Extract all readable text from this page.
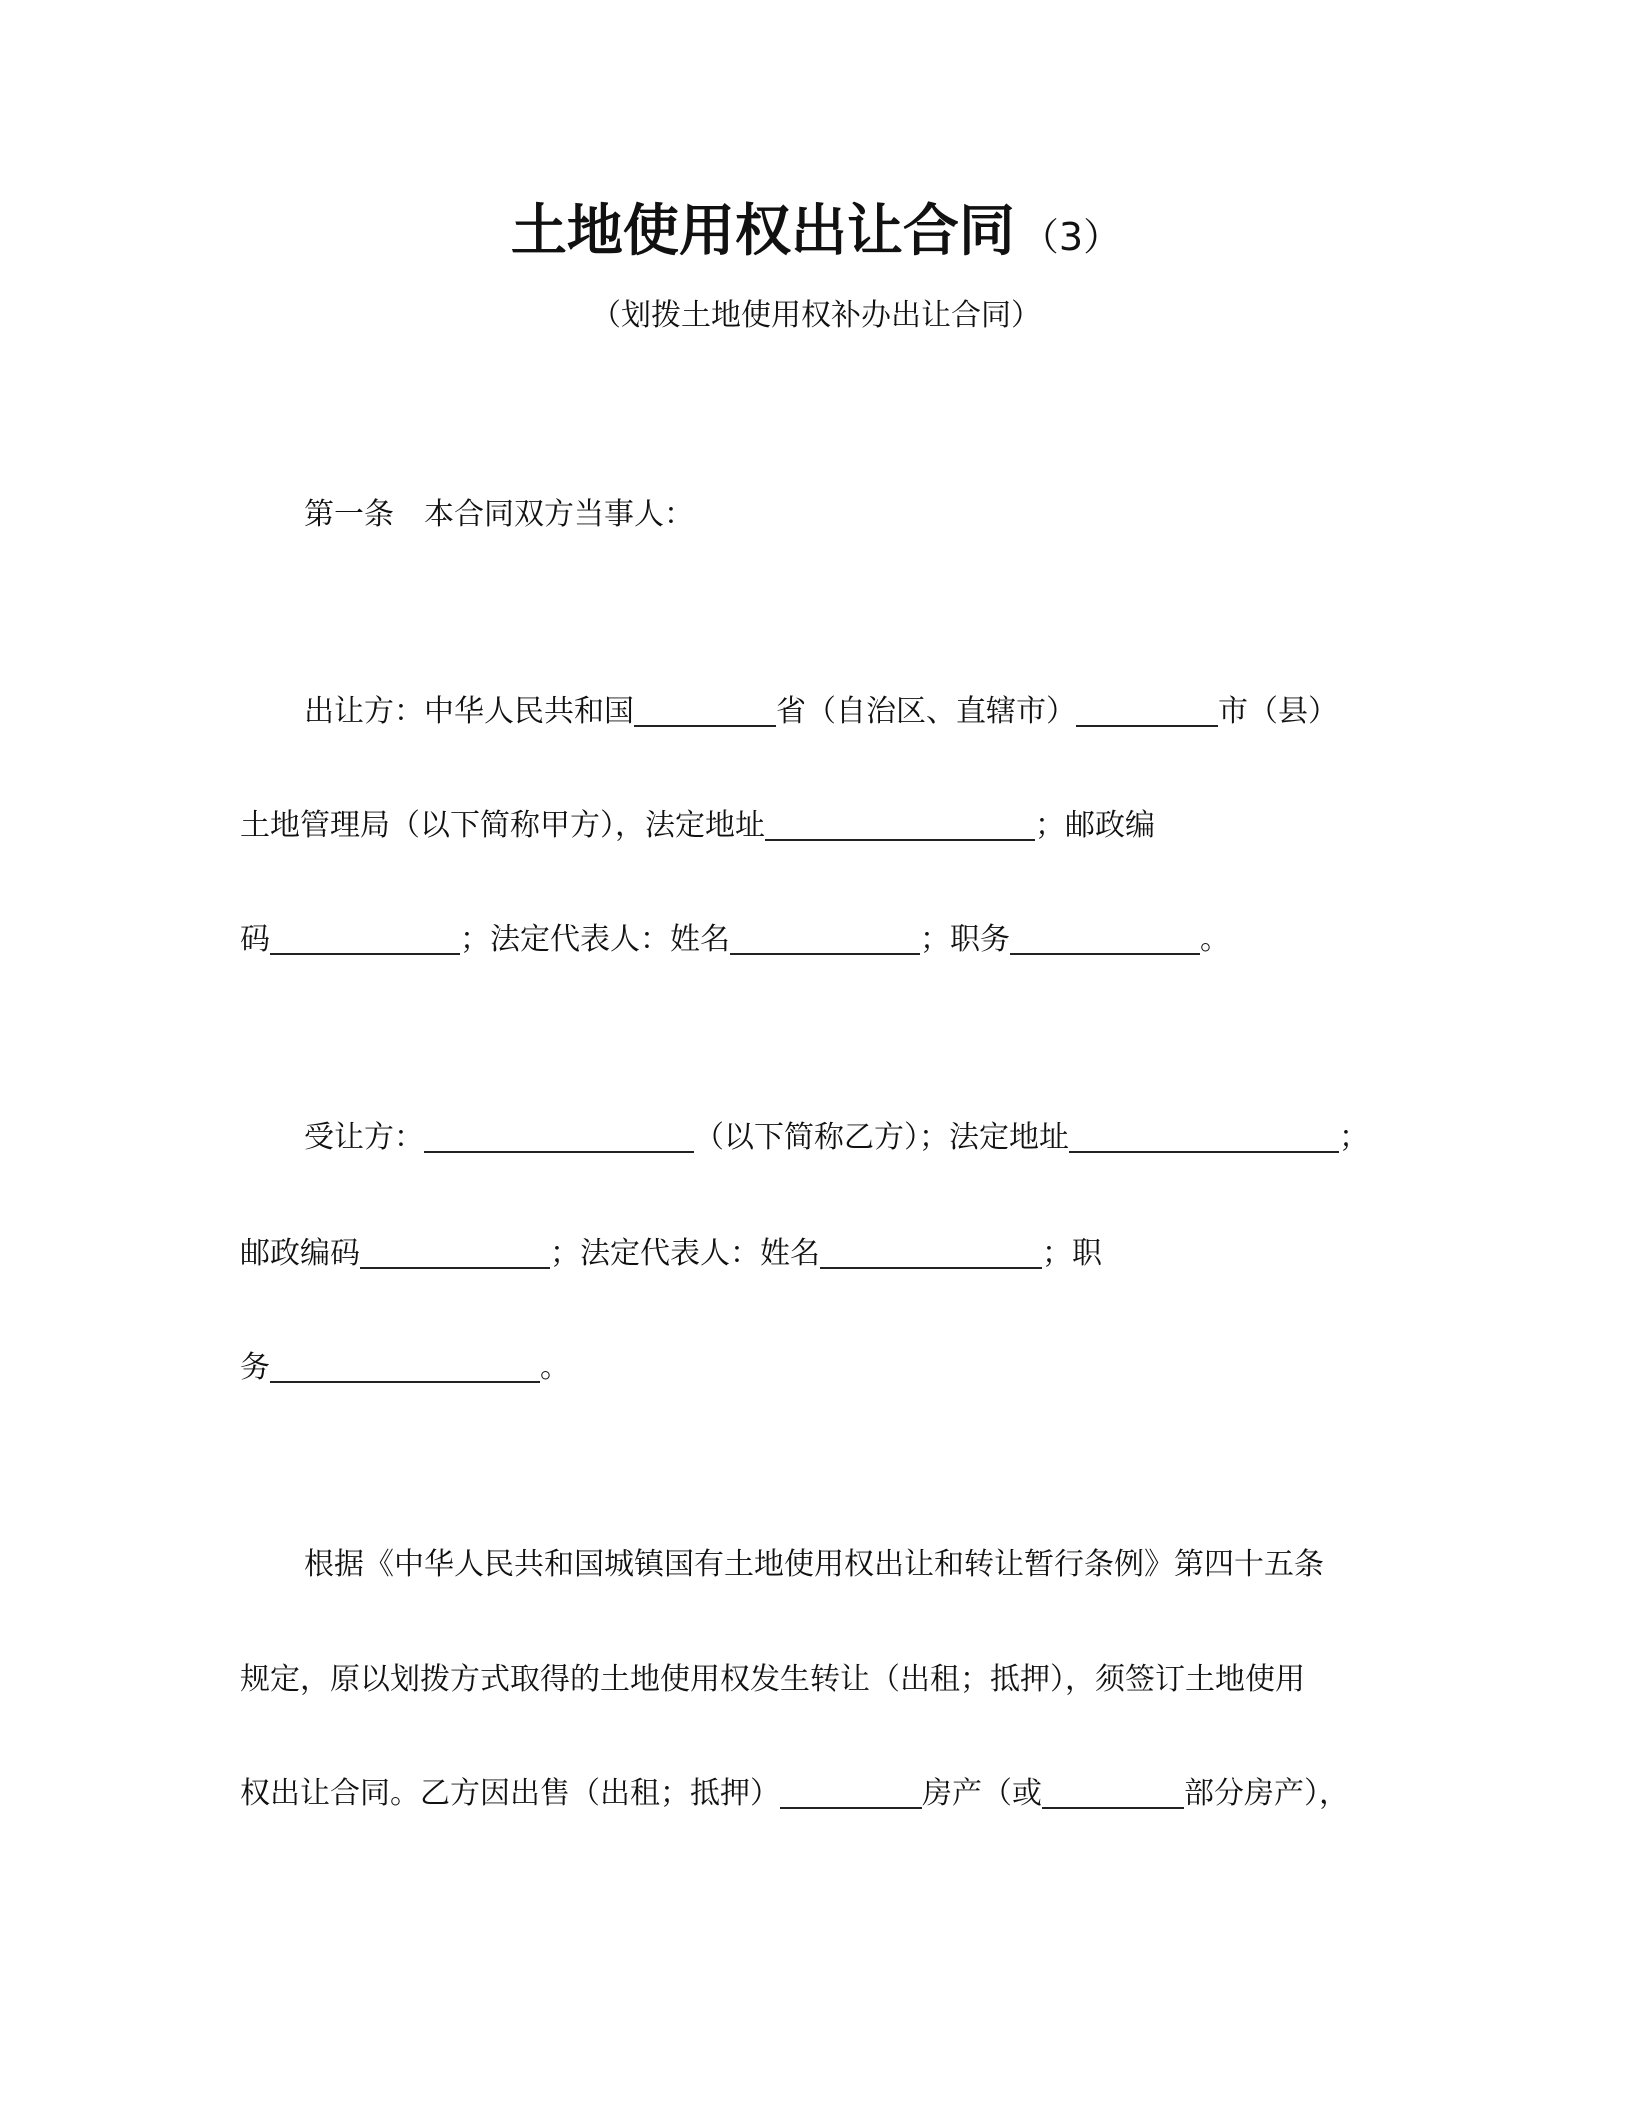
土地使用权出让合同 （3）
（划拨土地使用权补办出让合同）
第一条 本合同双方当事人：
出让方：中华人民共和国	省（自治区、直辖市）	市（县）
土地管理局（以下简称甲方），法定地址	；邮政编
码	；法定代表人：姓名	；职务	。
受让方：	（以下简称乙方）；法定地址	；
邮政编码	；法定代表人：姓名	；职
务	。
根据《中华人民共和国城镇国有土地使用权出让和转让暂行条例》第四十五条
规定，原以划拨方式取得的土地使用权发生转让（出租；抵押），须签订土地使用
权出让合同。乙方因出售（出租；抵押）	房产（或	部分房产），
